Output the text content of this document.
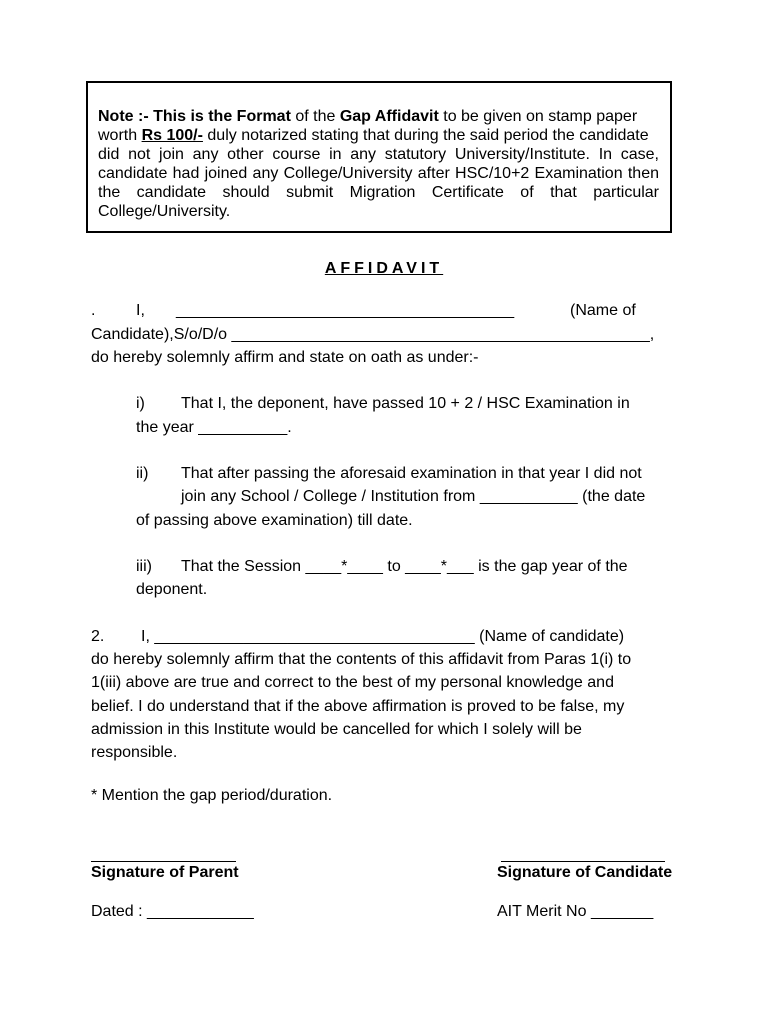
Note :- This is the Format of the Gap Affidavit to be given on stamp paper
worth Rs 100/- duly notarized stating that during the said period the candidate
did not join any other course in any statutory University/Institute. In case,
candidate had joined any College/University after HSC/10+2 Examination then
the candidate should submit Migration Certificate of that particular
College/University.
AFFIDAVIT
.	I, ______________________________________	(Name of
Candidate),S/o/D/o _______________________________________________,
do hereby solemnly affirm and state on oath as under:-
i) That I, the deponent, have passed 10 + 2 / HSC Examination in
the year __________.
ii) That after passing the aforesaid examination in that year I did not
join any School / College / Institution from ___________ (the date
of passing above examination) till date.
iii) That the Session ____*____ to ____*___ is the gap year of the
deponent.
2. I, ____________________________________ (Name of candidate)
do hereby solemnly affirm that the contents of this affidavit from Paras 1(i) to
1(iii) above are true and correct to the best of my personal knowledge and
belief. I do understand that if the above affirmation is proved to be false, my
admission in this Institute would be cancelled for which I solely will be
responsible.
* Mention the gap period/duration.
Signature of Parent	Signature of Candidate
Dated : ____________	AIT Merit No _______
